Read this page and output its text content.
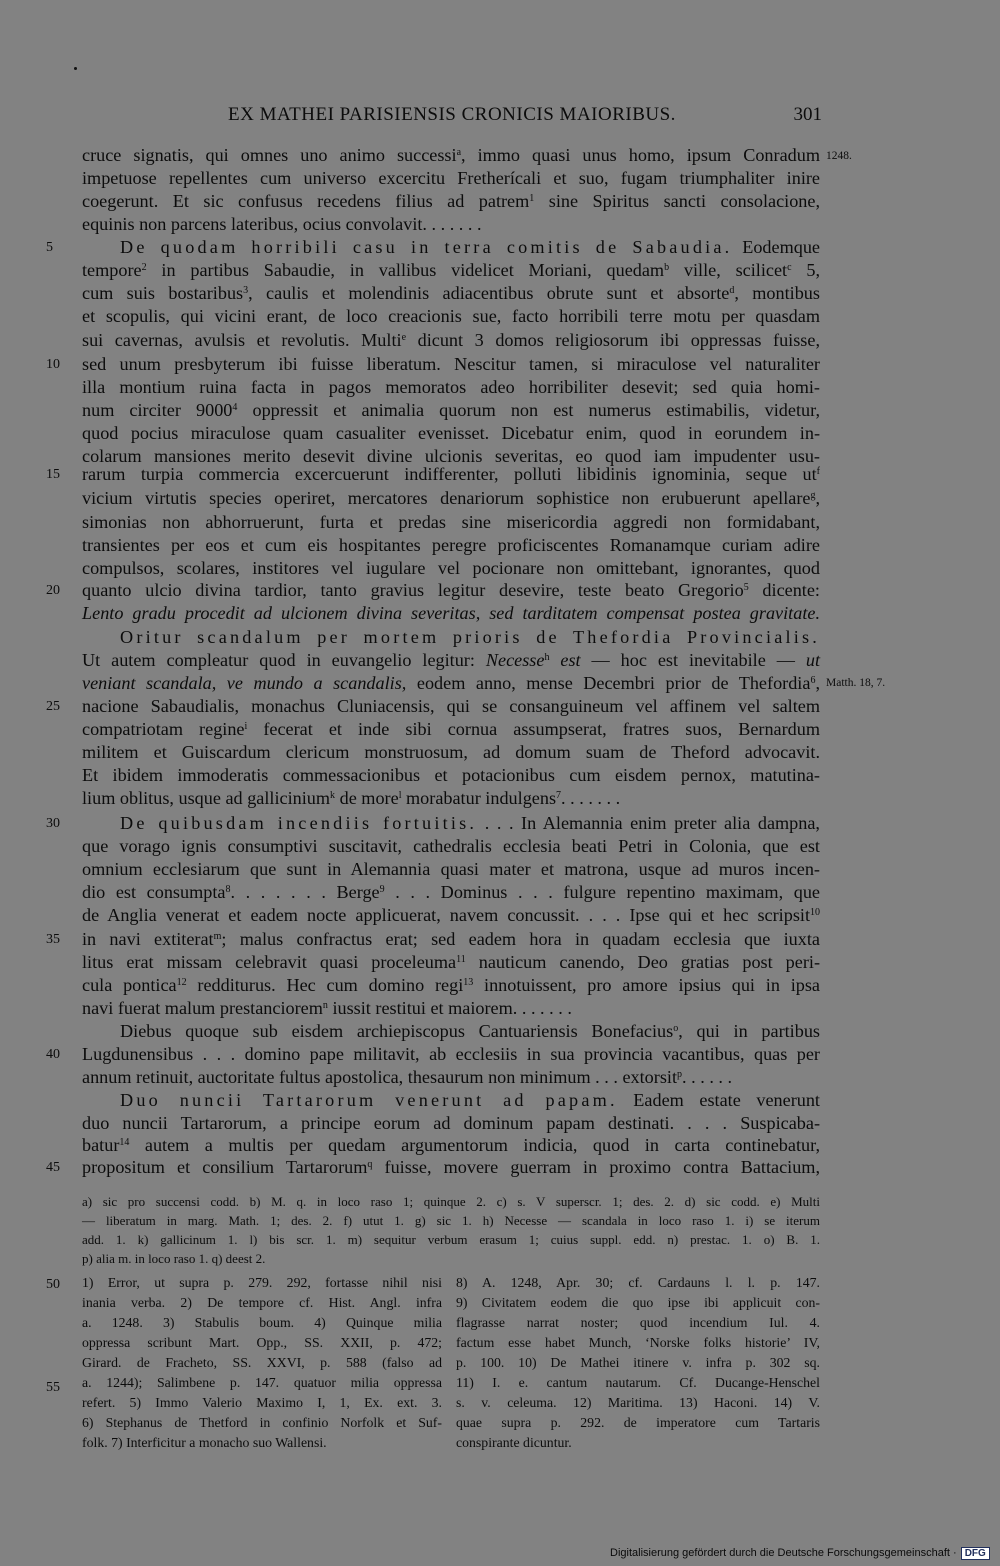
EX MATHEI PARISIENSIS CRONICIS MAIORIBUS.	301
1248.
Matth. 18, 7.
5
10
15
20
25
30
35
40
45
50
55
cruce signatis, qui omnes uno animo successi$^a$, immo quasi unus homo, ipsum Conradum
impetuose repellentes cum universo excercitu Fretherícali et suo, fugam triumphaliter inire
coegerunt. Et sic confusus recedens filius ad patrem$^1$ sine Spiritus sancti consolacione,
equinis non parcens lateribus, ocius convolavit. . . . . . .
De quodam horribili casu in terra comitis de Sabaudia. Eodemque
tempore$^2$ in partibus Sabaudie, in vallibus videlicet Moriani, quedam$^b$ ville, scilicet$^c$ 5,
cum suis bostaribus$^3$, caulis et molendinis adiacentibus obrute sunt et absorte$^d$, montibus
et scopulis, qui vicini erant, de loco creacionis sue, facto horribili terre motu per quasdam
sui cavernas, avulsis et revolutis. Multi$^e$ dicunt 3 domos religiosorum ibi oppressas fuisse,
sed unum presbyterum ibi fuisse liberatum. Nescitur tamen, si miraculose vel naturaliter
illa montium ruina facta in pagos memoratos adeo horribiliter desevit; sed quia homi-
num circiter 9000$^4$ oppressit et animalia quorum non est numerus estimabilis, videtur,
quod pocius miraculose quam casualiter evenisset. Dicebatur enim, quod in eorundem in-
colarum mansiones merito desevit divine ulcionis severitas, eo quod iam impudenter usu-
rarum turpia commercia excercuerunt indifferenter, polluti libidinis ignominia, seque $ut^f$
vicium virtutis species operiret, mercatores denariorum sophistice non erubuerunt apellare$^g$,
simonias non abhorruerunt, furta et predas sine misericordia aggredi non formidabant,
transientes per eos et cum eis hospitantes peregre proficiscentes Romanamque curiam adire
compulsos, scolares, institores vel iugulare vel pocionare non omittebant, ignorantes, quod
quanto ulcio divina tardior, tanto gravius legitur desevire, teste beato Gregorio$^5$ dicente:
Lento gradu procedit ad ulcionem divina severitas, sed tarditatem compensat postea gravitate.
Oritur scandalum per mortem prioris de Thefordia Provincialis.
Ut autem compleatur quod in euvangelio legitur: Necesse$^h$ est — hoc est inevitabile — ut
veniant scandala, ve mundo a scandalis, eodem anno, mense Decembri prior de Thefordia$^6$,
nacione Sabaudialis, monachus Cluniacensis, qui se consanguineum vel affinem vel saltem
compatriotam regine$^i$ fecerat et inde sibi cornua assumpserat, fratres suos, Bernardum
militem et Guiscardum clericum monstruosum, ad domum suam de Theford advocavit.
Et ibidem immoderatis commessacionibus et potacionibus cum eisdem pernox, matutina-
lium oblitus, usque ad gallicinium$^k$ de more$^l$ morabatur indulgens$^7$. . . . . . .
De quibusdam incendiis fortuitis. . . . In Alemannia enim preter alia dampna,
que vorago ignis consumptivi suscitavit, cathedralis ecclesia beati Petri in Colonia, que est
omnium ecclesiarum que sunt in Alemannia quasi mater et matrona, usque ad muros incen-
dio est consumpta$^8$. . . . . . . Berge$^9$ . . . Dominus . . . fulgure repentino maximam, que
de Anglia venerat et eadem nocte applicuerat, navem concussit. . . . Ipse qui et hec scripsit$^{10}$
in navi extiterat$^m$; malus confractus erat; sed eadem hora in quadam ecclesia que iuxta
litus erat missam celebravit quasi proceleuma$^{11}$ nauticum canendo, Deo gratias post peri-
cula pontica$^{12}$ redditurus. Hec cum domino regi$^{13}$ innotuissent, pro amore ipsius qui in ipsa
navi fuerat malum prestanciorem$^n$ iussit restitui et maiorem. . . . . . .
Diebus quoque sub eisdem archiepiscopus Cantuariensis Bonefacius$^o$, qui in partibus
Lugdunensibus . . . domino pape militavit, ab ecclesiis in sua provincia vacantibus, quas per
annum retinuit, auctoritate fultus apostolica, thesaurum non minimum . . . extorsit$^p$. . . . . .
Duo nuncii Tartarorum venerunt ad papam. Eadem estate venerunt
duo nuncii Tartarorum, a principe eorum ad dominum papam destinati. . . . Suspicaba-
batur$^{14}$ autem a multis per quedam argumentorum indicia, quod in carta continebatur,
propositum et consilium Tartarorum$^q$ fuisse, movere guerram in proximo contra Battacium,
a) sic pro succensi codd. b) M. q. in loco raso 1; quinque 2. c) s. V superscr. 1; des. 2. d) sic codd. e) Multi
— liberatum in marg. Math. 1; des. 2. f) utut 1. g) sic 1. h) Necesse — scandala in loco raso 1. i) se iterum
add. 1. k) gallicinum 1. l) bis scr. 1. m) sequitur verbum erasum 1; cuius suppl. edd. n) prestac. 1. o) B. 1.
p) alia m. in loco raso 1. q) deest 2.
1) Error, ut supra p. 279. 292, fortasse nihil nisi
inania verba. 2) De tempore cf. Hist. Angl. infra
a. 1248. 3) Stabulis boum. 4) Quinque milia
oppressa scribunt Mart. Opp., SS. XXII, p. 472;
Girard. de Fracheto, SS. XXVI, p. 588 (falso ad
a. 1244); Salimbene p. 147. quatuor milia oppressa
refert. 5) Immo Valerio Maximo I, 1, Ex. ext. 3.
6) Stephanus de Thetford in confinio Norfolk et Suf-
folk. 7) Interficitur a monacho suo Wallensi.
8) A. 1248, Apr. 30; cf. Cardauns l. l. p. 147.
9) Civitatem eodem die quo ipse ibi applicuit con-
flagrasse narrat noster; quod incendium Iul. 4.
factum esse habet Munch, ‘Norske folks historie’ IV,
p. 100. 10) De Mathei itinere v. infra p. 302 sq.
11) I. e. cantum nautarum. Cf. Ducange-Henschel
s. v. celeuma. 12) Maritima. 13) Haconi. 14) V.
quae supra p. 292. de imperatore cum Tartaris
conspirante dicuntur.
Digitalisierung gefördert durch die Deutsche Forschungsgemeinschaft · DFG
